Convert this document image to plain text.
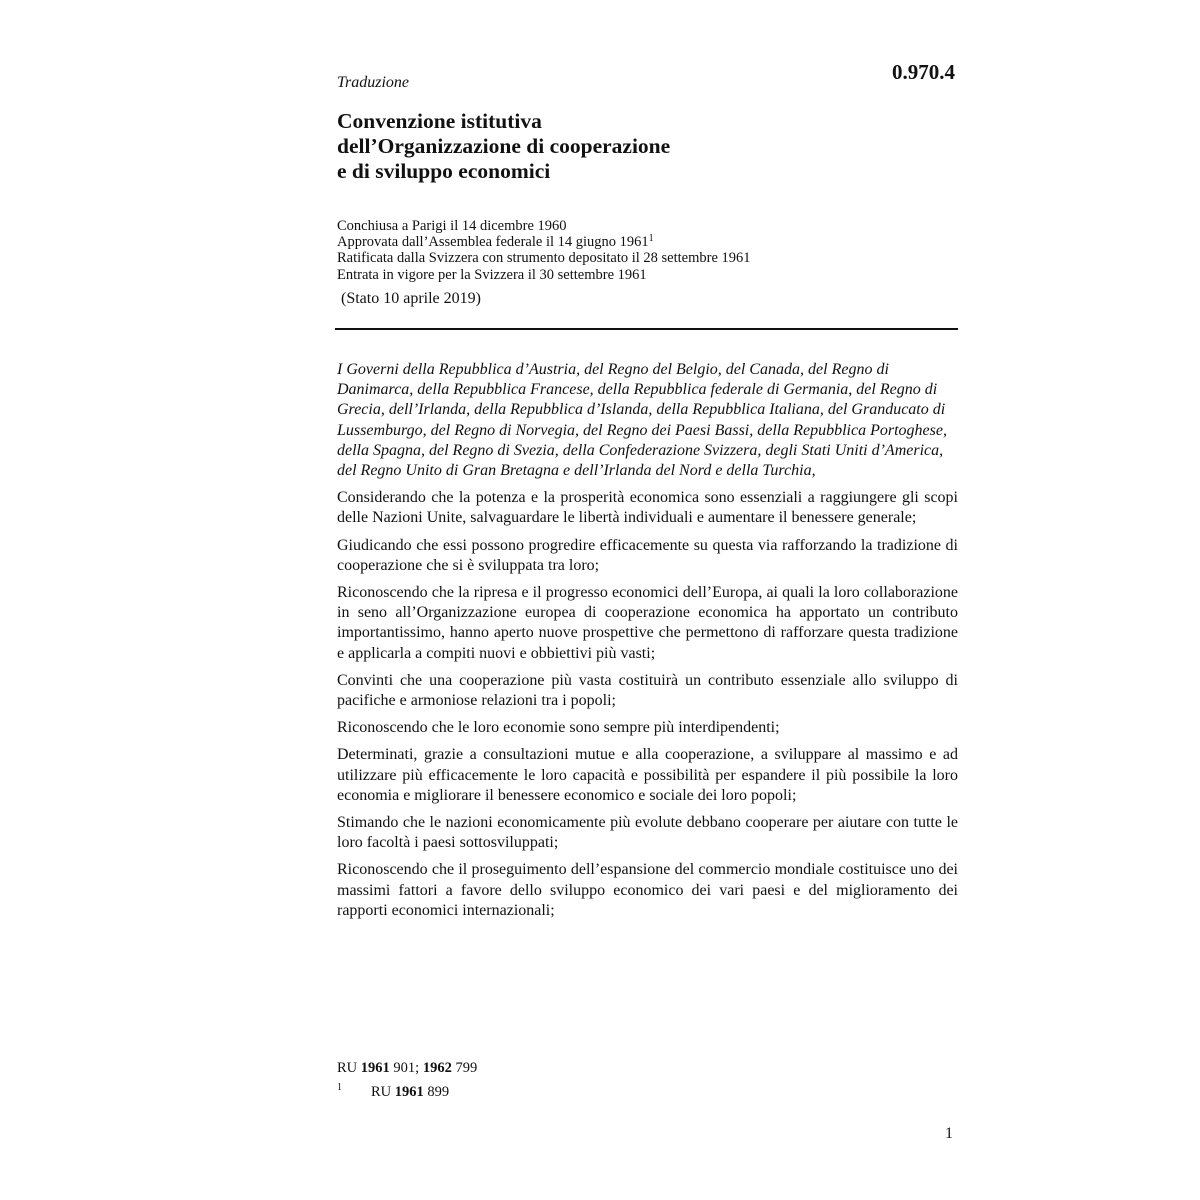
0.970.4
Traduzione
Convenzione istitutiva
dell’Organizzazione di cooperazione
e di sviluppo economici
Conchiusa a Parigi il 14 dicembre 1960
Approvata dall’Assemblea federale il 14 giugno 1961$^1$
Ratificata dalla Svizzera con strumento depositato il 28 settembre 1961
Entrata in vigore per la Svizzera il 30 settembre 1961
(Stato 10 aprile 2019)

I Governi della Repubblica d’Austria, del Regno del Belgio, del Canada, del Regno di Danimarca, della Repubblica Francese, della Repubblica federale di Germania, del Regno di Grecia, dell’Irlanda, della Repubblica d’Islanda, della Repubblica Italiana, del Granducato di Lussemburgo, del Regno di Norvegia, del Regno dei Paesi Bassi, della Repubblica Portoghese, della Spagna, del Regno di Svezia, della Confederazione Svizzera, degli Stati Uniti d’America, del Regno Unito di Gran Bretagna e dell’Irlanda del Nord e della Turchia,

Considerando che la potenza e la prosperità economica sono essenziali a raggiungere gli scopi delle Nazioni Unite, salvaguardare le libertà individuali e aumentare il benessere generale;

Giudicando che essi possono progredire efficacemente su questa via rafforzando la tradizione di cooperazione che si è sviluppata tra loro;

Riconoscendo che la ripresa e il progresso economici dell’Europa, ai quali la loro collaborazione in seno all’Organizzazione europea di cooperazione economica ha apportato un contributo importantissimo, hanno aperto nuove prospettive che permettono di rafforzare questa tradizione e applicarla a compiti nuovi e obbiettivi più vasti;

Convinti che una cooperazione più vasta costituirà un contributo essenziale allo sviluppo di pacifiche e armoniose relazioni tra i popoli;

Riconoscendo che le loro economie sono sempre più interdipendenti;

Determinati, grazie a consultazioni mutue e alla cooperazione, a sviluppare al massimo e ad utilizzare più efficacemente le loro capacità e possibilità per espandere il più possibile la loro economia e migliorare il benessere economico e sociale dei loro popoli;

Stimando che le nazioni economicamente più evolute debbano cooperare per aiutare con tutte le loro facoltà i paesi sottosviluppati;

Riconoscendo che il proseguimento dell’espansione del commercio mondiale costituisce uno dei massimi fattori a favore dello sviluppo economico dei vari paesi e del miglioramento dei rapporti economici internazionali;

RU 1961 901; 1962 799
1 RU 1961 899
1
